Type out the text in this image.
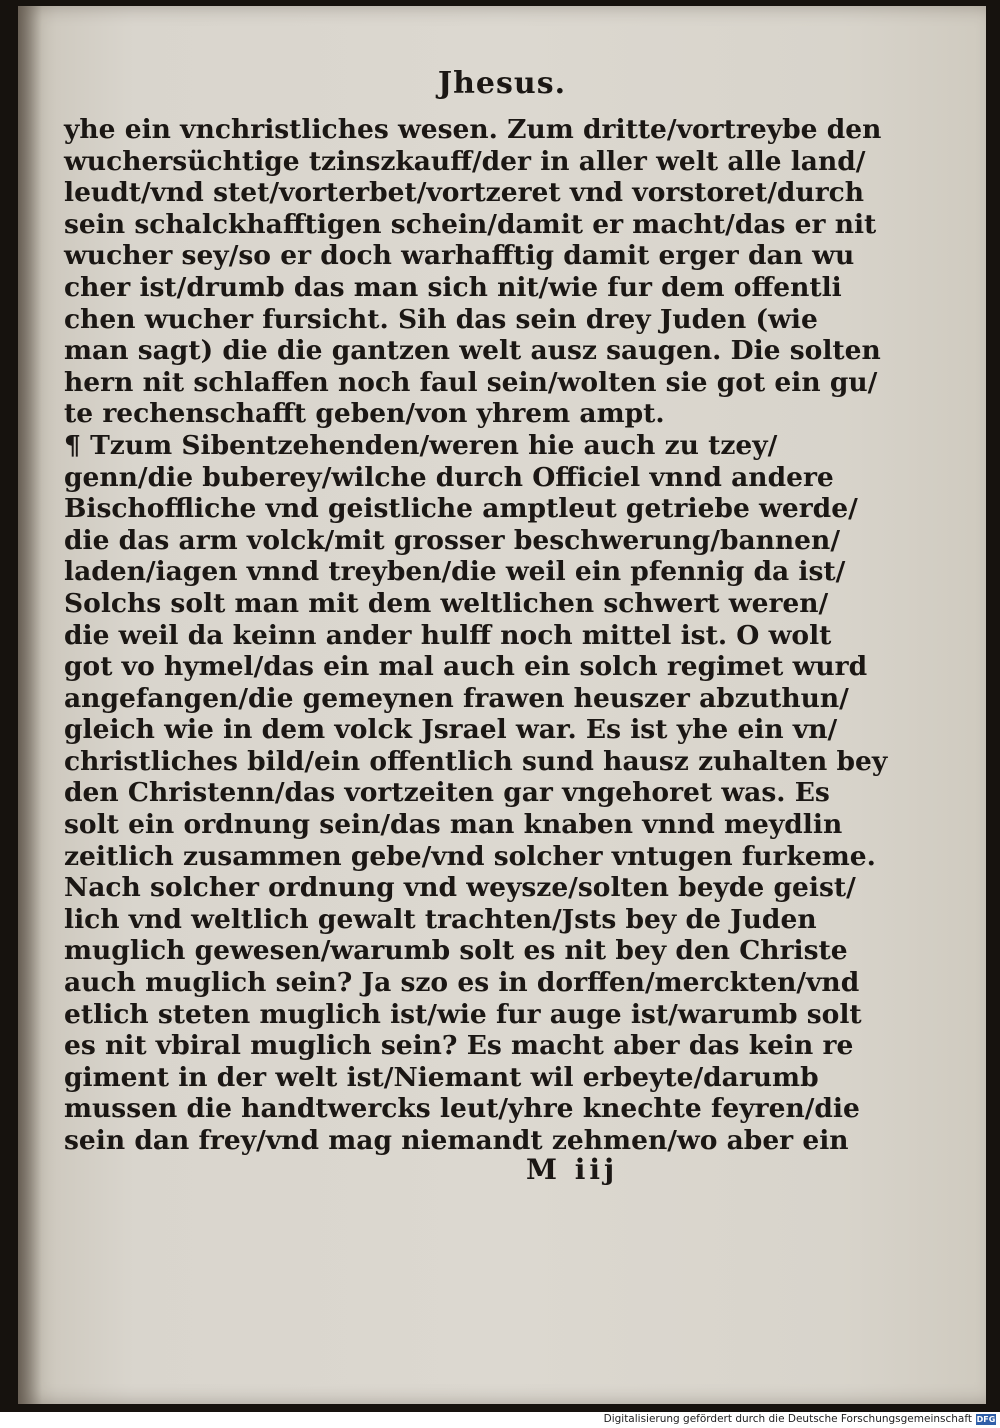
Jhesus.
yhe ein vnchristliches wesen. Zum dritte/vortreybe den
wuchersüchtige tzinszkauff/der in aller welt alle land/
leudt/vnd stet/vorterbet/vortzeret vnd vorstoret/durch
sein schalckhafftigen schein/damit er macht/das er nit
wucher sey/so er doch warhafftig damit erger dan wu
cher ist/drumb das man sich nit/wie fur dem offentli
chen wucher fursicht. Sih das sein drey Juden (wie
man sagt) die die gantzen welt ausz saugen. Die solten
hern nit schlaffen noch faul sein/wolten sie got ein gu/
te rechenschafft geben/von yhrem ampt.
¶ Tzum Sibentzehenden/weren hie auch zu tzey/
genn/die buberey/wilche durch Officiel vnnd andere
Bischoffliche vnd geistliche amptleut getriebe werde/
die das arm volck/mit grosser beschwerung/bannen/
laden/iagen vnnd treyben/die weil ein pfennig da ist/
Solchs solt man mit dem weltlichen schwert weren/
die weil da keinn ander hulff noch mittel ist. O wolt
got vo hymel/das ein mal auch ein solch regimet wurd
angefangen/die gemeynen frawen heuszer abzuthun/
gleich wie in dem volck Jsrael war. Es ist yhe ein vn/
christliches bild/ein offentlich sund hausz zuhalten bey
den Christenn/das vortzeiten gar vngehoret was. Es
solt ein ordnung sein/das man knaben vnnd meydlin
zeitlich zusammen gebe/vnd solcher vntugen furkeme.
Nach solcher ordnung vnd weysze/solten beyde geist/
lich vnd weltlich gewalt trachten/Jsts bey de Juden
muglich gewesen/warumb solt es nit bey den Christe
auch muglich sein? Ja szo es in dorffen/merckten/vnd
etlich steten muglich ist/wie fur auge ist/warumb solt
es nit vbiral muglich sein? Es macht aber das kein re
giment in der welt ist/Niemant wil erbeyte/darumb
mussen die handtwercks leut/yhre knechte feyren/die
sein dan frey/vnd mag niemandt zehmen/wo aber ein
M iij
Digitalisierung gefördert durch die Deutsche Forschungsgemeinschaft DFG
